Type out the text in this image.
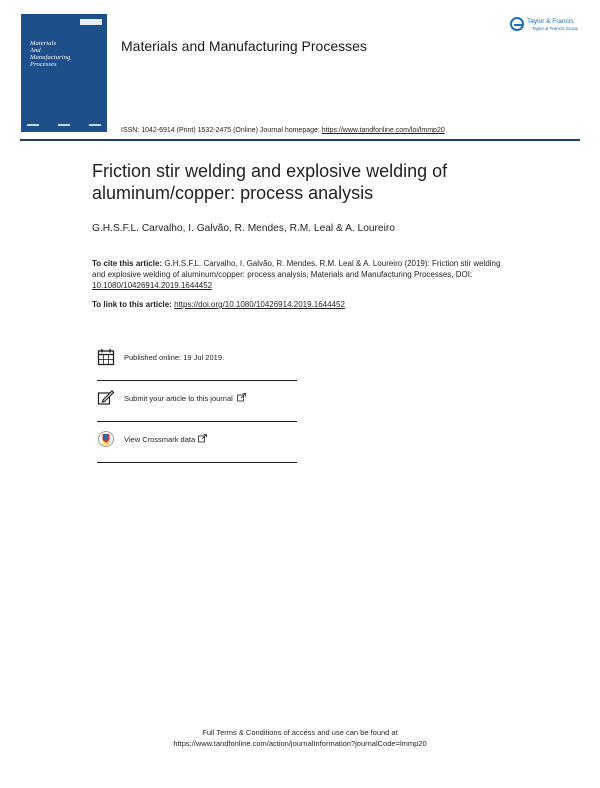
Materials
And
Manufacturing
Processes
Materials and Manufacturing Processes
Taylor & Francis
Taylor & Francis Group
ISSN: 1042-6914 (Print) 1532-2475 (Online) Journal homepage: https://www.tandfonline.com/loi/lmmp20
Friction stir welding and explosive welding of aluminum/copper: process analysis
G.H.S.F.L. Carvalho, I. Galvão, R. Mendes, R.M. Leal & A. Loureiro
To cite this article: G.H.S.F.L. Carvalho, I. Galvão, R. Mendes, R.M. Leal & A. Loureiro (2019): Friction stir welding and explosive welding of aluminum/copper: process analysis, Materials and Manufacturing Processes, DOI: 10.1080/10426914.2019.1644452
To link to this article: https://doi.org/10.1080/10426914.2019.1644452
Published online: 19 Jul 2019.
Submit your article to this journal
View Crossmark data
Full Terms & Conditions of access and use can be found at
https://www.tandfonline.com/action/journalInformation?journalCode=lmmp20
